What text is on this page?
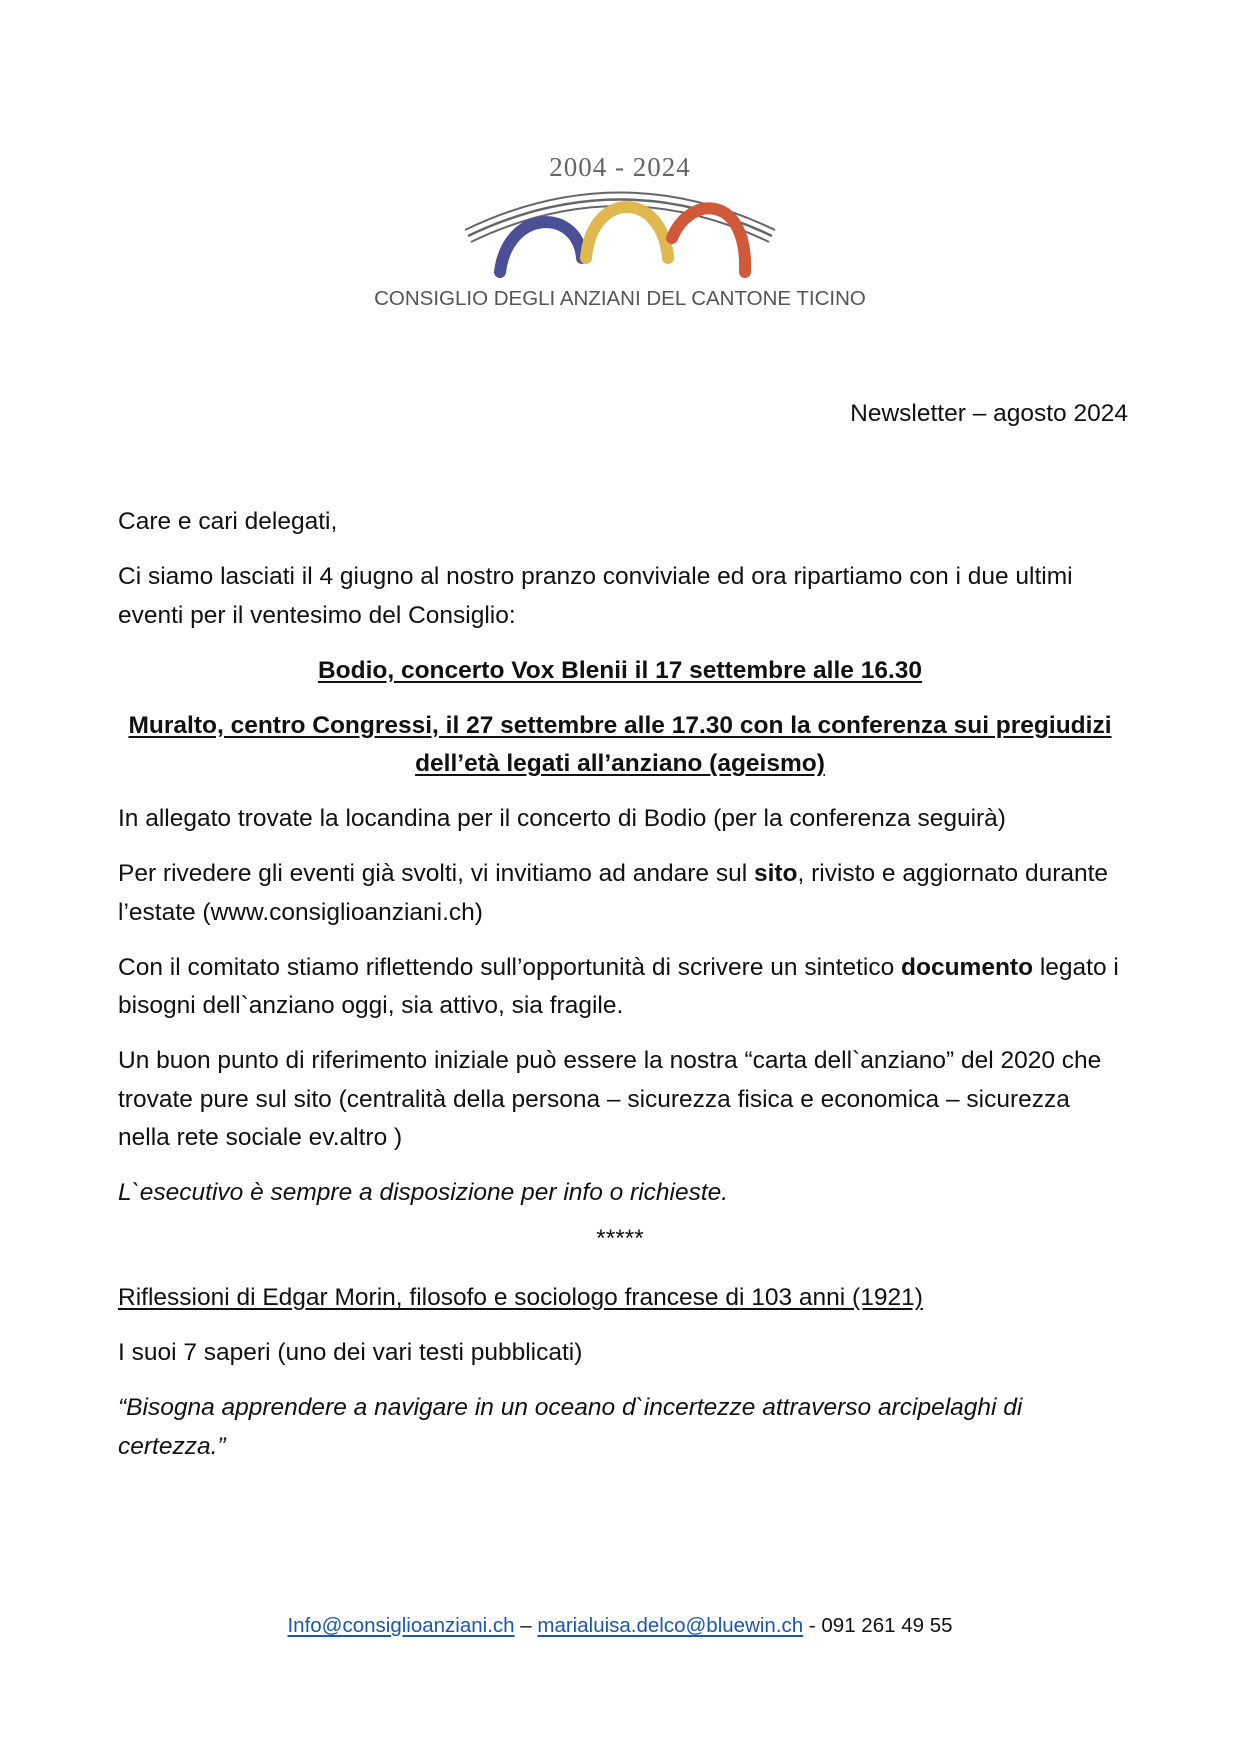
2004 - 2024
CONSIGLIO DEGLI ANZIANI DEL CANTONE TICINO
Newsletter – agosto 2024

Care e cari delegati,

Ci siamo lasciati il 4 giugno al nostro pranzo conviviale ed ora ripartiamo con i due ultimi eventi per il ventesimo del Consiglio:

Bodio, concerto Vox Blenii il 17 settembre alle 16.30

Muralto, centro Congressi, il 27 settembre alle 17.30 con la conferenza sui pregiudizi dell’età legati all’anziano (ageismo)

In allegato trovate la locandina per il concerto di Bodio (per la conferenza seguirà)

Per rivedere gli eventi già svolti, vi invitiamo ad andare sul sito, rivisto e aggiornato durante l’estate (www.consiglioanziani.ch)

Con il comitato stiamo riflettendo sull’opportunità di scrivere un sintetico documento legato i bisogni dell`anziano oggi, sia attivo, sia fragile.

Un buon punto di riferimento iniziale può essere la nostra “carta dell`anziano” del 2020 che trovate pure sul sito (centralità della persona – sicurezza fisica e economica – sicurezza nella rete sociale ev.altro )

L`esecutivo è sempre a disposizione per info o richieste.

*****

Riflessioni di Edgar Morin, filosofo e sociologo francese di 103 anni (1921)

I suoi 7 saperi (uno dei vari testi pubblicati)

“Bisogna apprendere a navigare in un oceano d`incertezze attraverso arcipelaghi di certezza.”

Info@consiglioanziani.ch – marialuisa.delco@bluewin.ch - 091 261 49 55
